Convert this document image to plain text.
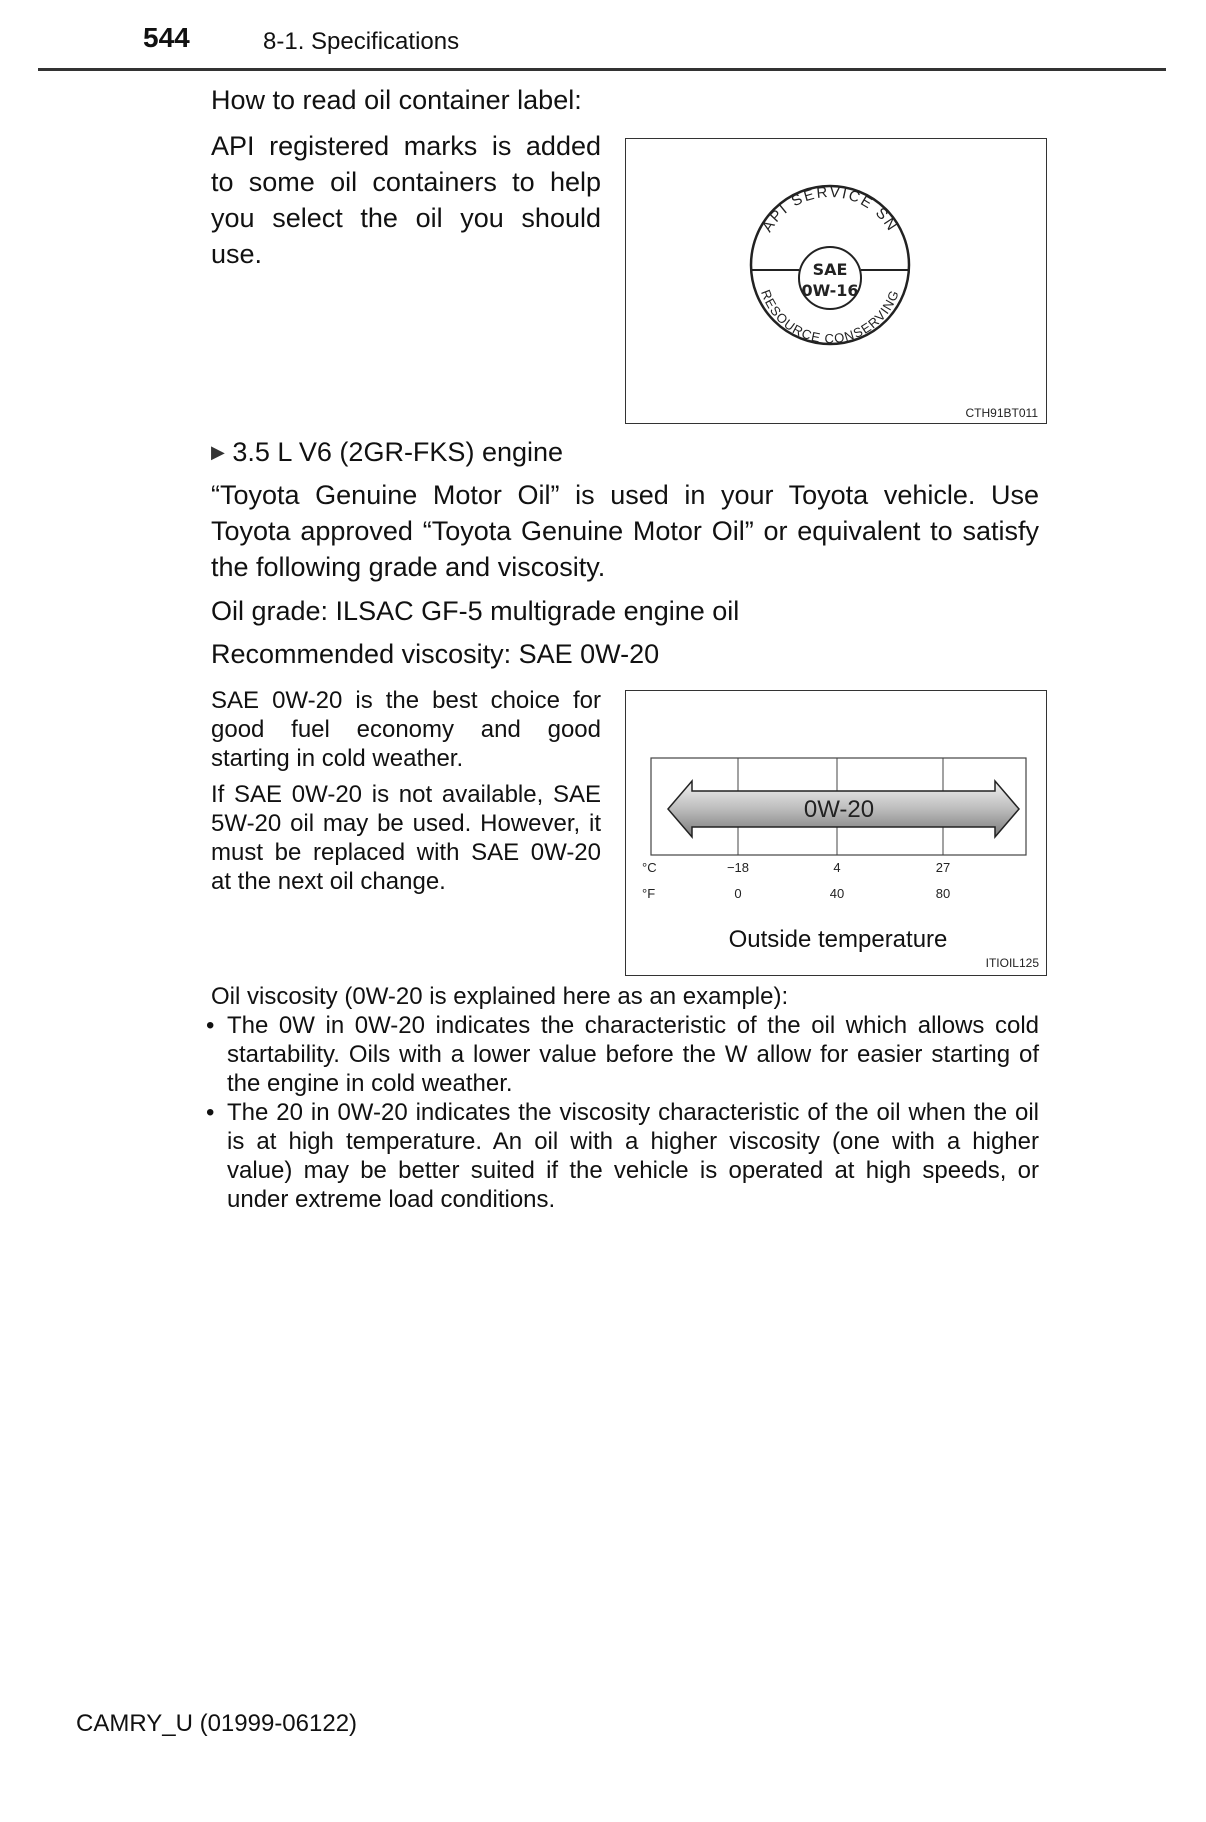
544	8-1. Specifications
How to read oil container label:
API registered marks is added to some oil containers to help you select the oil you should use.
API SERVICE SN
RESOURCE CONSERVING
SAE
0W-16
CTH91BT011
▶ 3.5 L V6 (2GR-FKS) engine
“Toyota Genuine Motor Oil” is used in your Toyota vehicle. Use Toyota approved “Toyota Genuine Motor Oil” or equivalent to satisfy the following grade and viscosity.
Oil grade: ILSAC GF-5 multigrade engine oil
Recommended viscosity: SAE 0W-20
SAE 0W-20 is the best choice for good fuel economy and good starting in cold weather.
If SAE 0W-20 is not available, SAE 5W-20 oil may be used. However, it must be replaced with SAE 0W-20 at the next oil change.
0W-20
°C
°F
−18	4	27
0	40	80
Outside temperature
ITIOIL125
Oil viscosity (0W-20 is explained here as an example):
• The 0W in 0W-20 indicates the characteristic of the oil which allows cold startability. Oils with a lower value before the W allow for easier starting of the engine in cold weather.
• The 20 in 0W-20 indicates the viscosity characteristic of the oil when the oil is at high temperature. An oil with a higher viscosity (one with a higher value) may be better suited if the vehicle is operated at high speeds, or under extreme load conditions.
CAMRY_U (01999-06122)
